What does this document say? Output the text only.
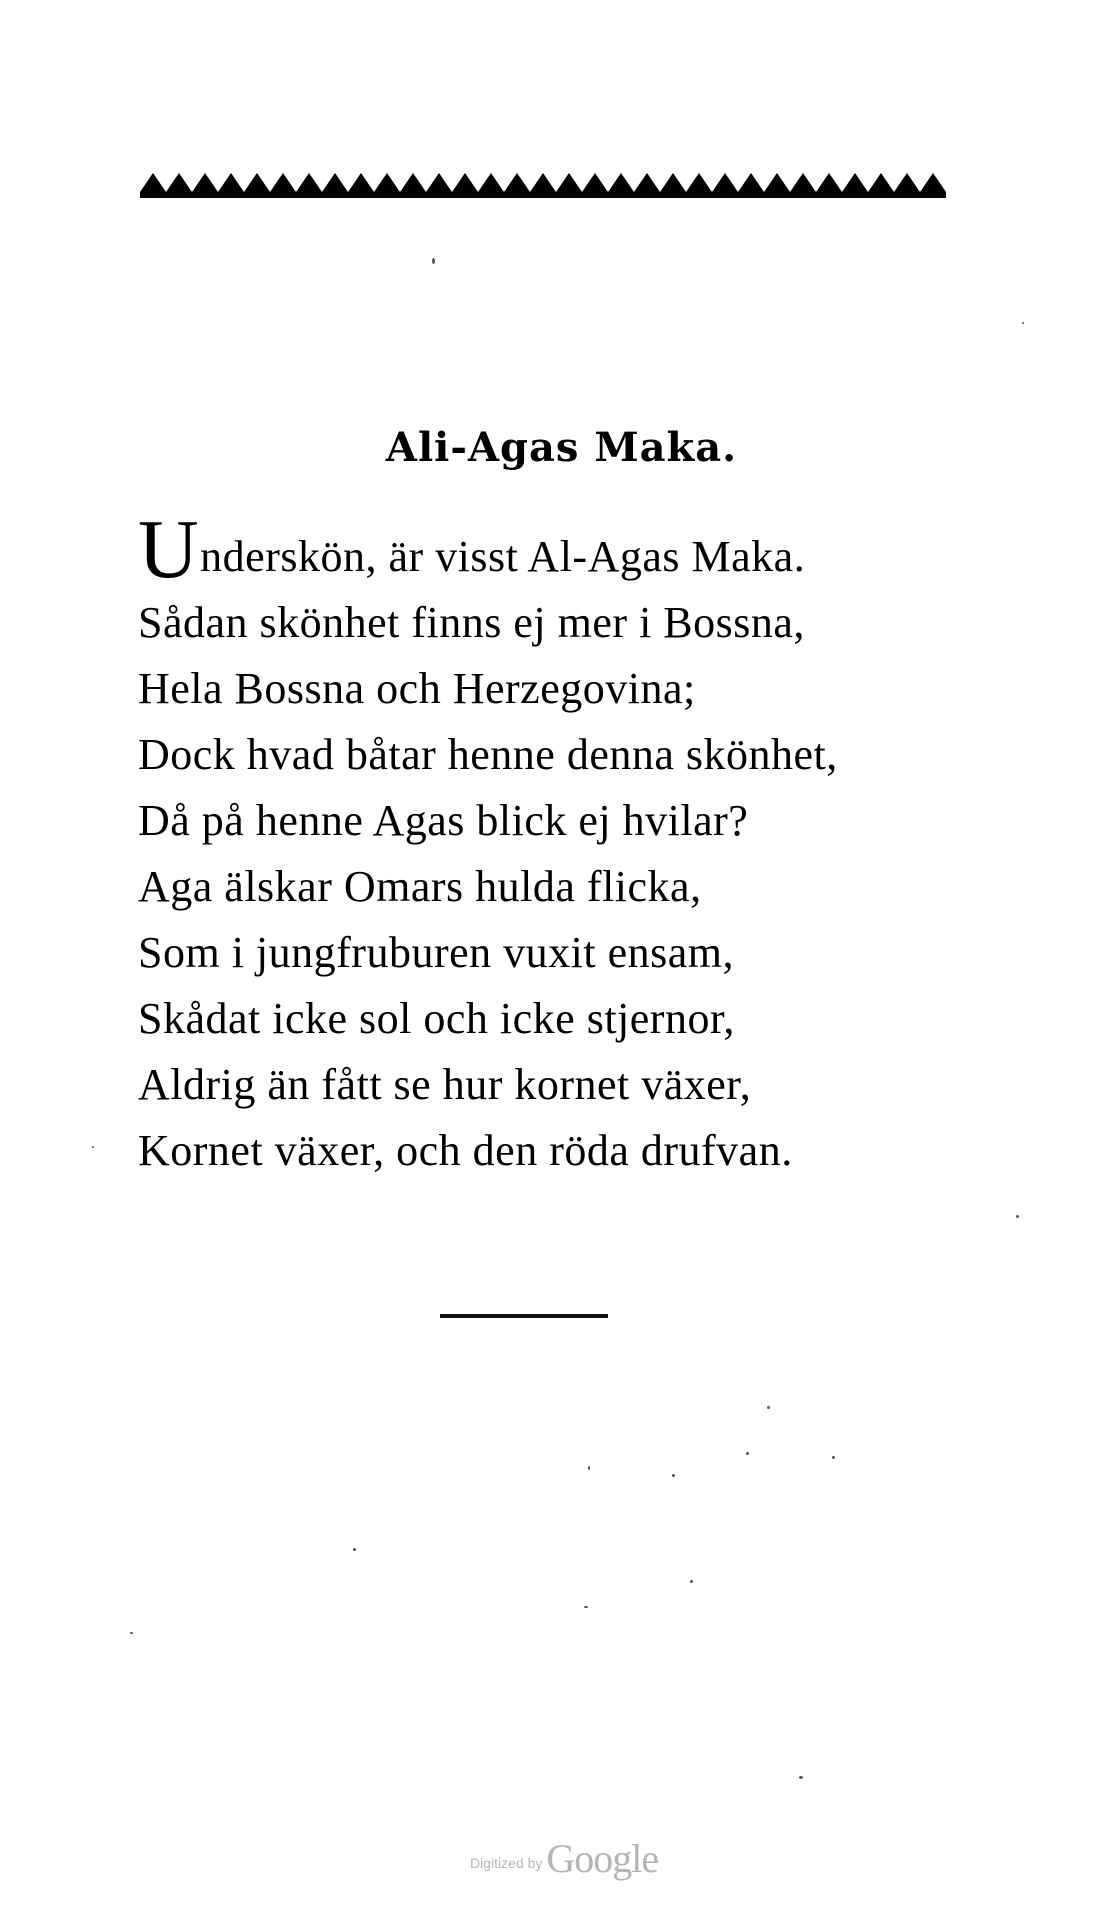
Ali-Agas Maka.
Underskön, är visst Al-Agas Maka.
Sådan skönhet finns ej mer i Bossna,
Hela Bossna och Herzegovina;
Dock hvad båtar henne denna skönhet,
Då på henne Agas blick ej hvilar?
Aga älskar Omars hulda flicka,
Som i jungfruburen vuxit ensam,
Skådat icke sol och icke stjernor,
Aldrig än fått se hur kornet växer,
Kornet växer, och den röda drufvan.
Digitized by Google
